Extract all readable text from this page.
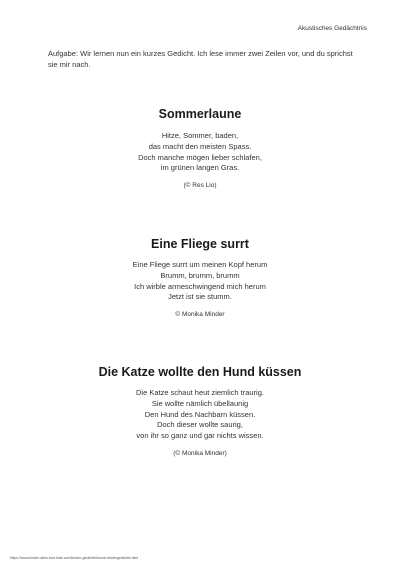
Akustisches Gedächtnis
Aufgabe: Wir lernen nun ein kurzes Gedicht. Ich lese immer zwei Zeilen vor, und du sprichst sie mir nach.
Sommerlaune
Hitze, Sommer, baden,
das macht den meisten Spass.
Doch manche mögen lieber schlafen,
im grünen langen Gras.
(© Res Lio)
Eine Fliege surrt
Eine Fliege surrt um meinen Kopf herum
Brumm, brumm, brumm
Ich wirble armeschwingend mich herum
Jetzt ist sie stumm.
© Monika Minder
Die Katze wollte den Hund küssen
Die Katze schaut heut ziemlich traurig.
Sie wollte nämlich übellaunig
Den Hund des Nachbarn küssen.
Doch dieser wollte saurig,
von ihr so ganz und gar nichts wissen.
(© Monika Minder)
https://www.kinder-alles-fuer-kids.com/kinder-gedichte/kurze-kindergedichte.html
